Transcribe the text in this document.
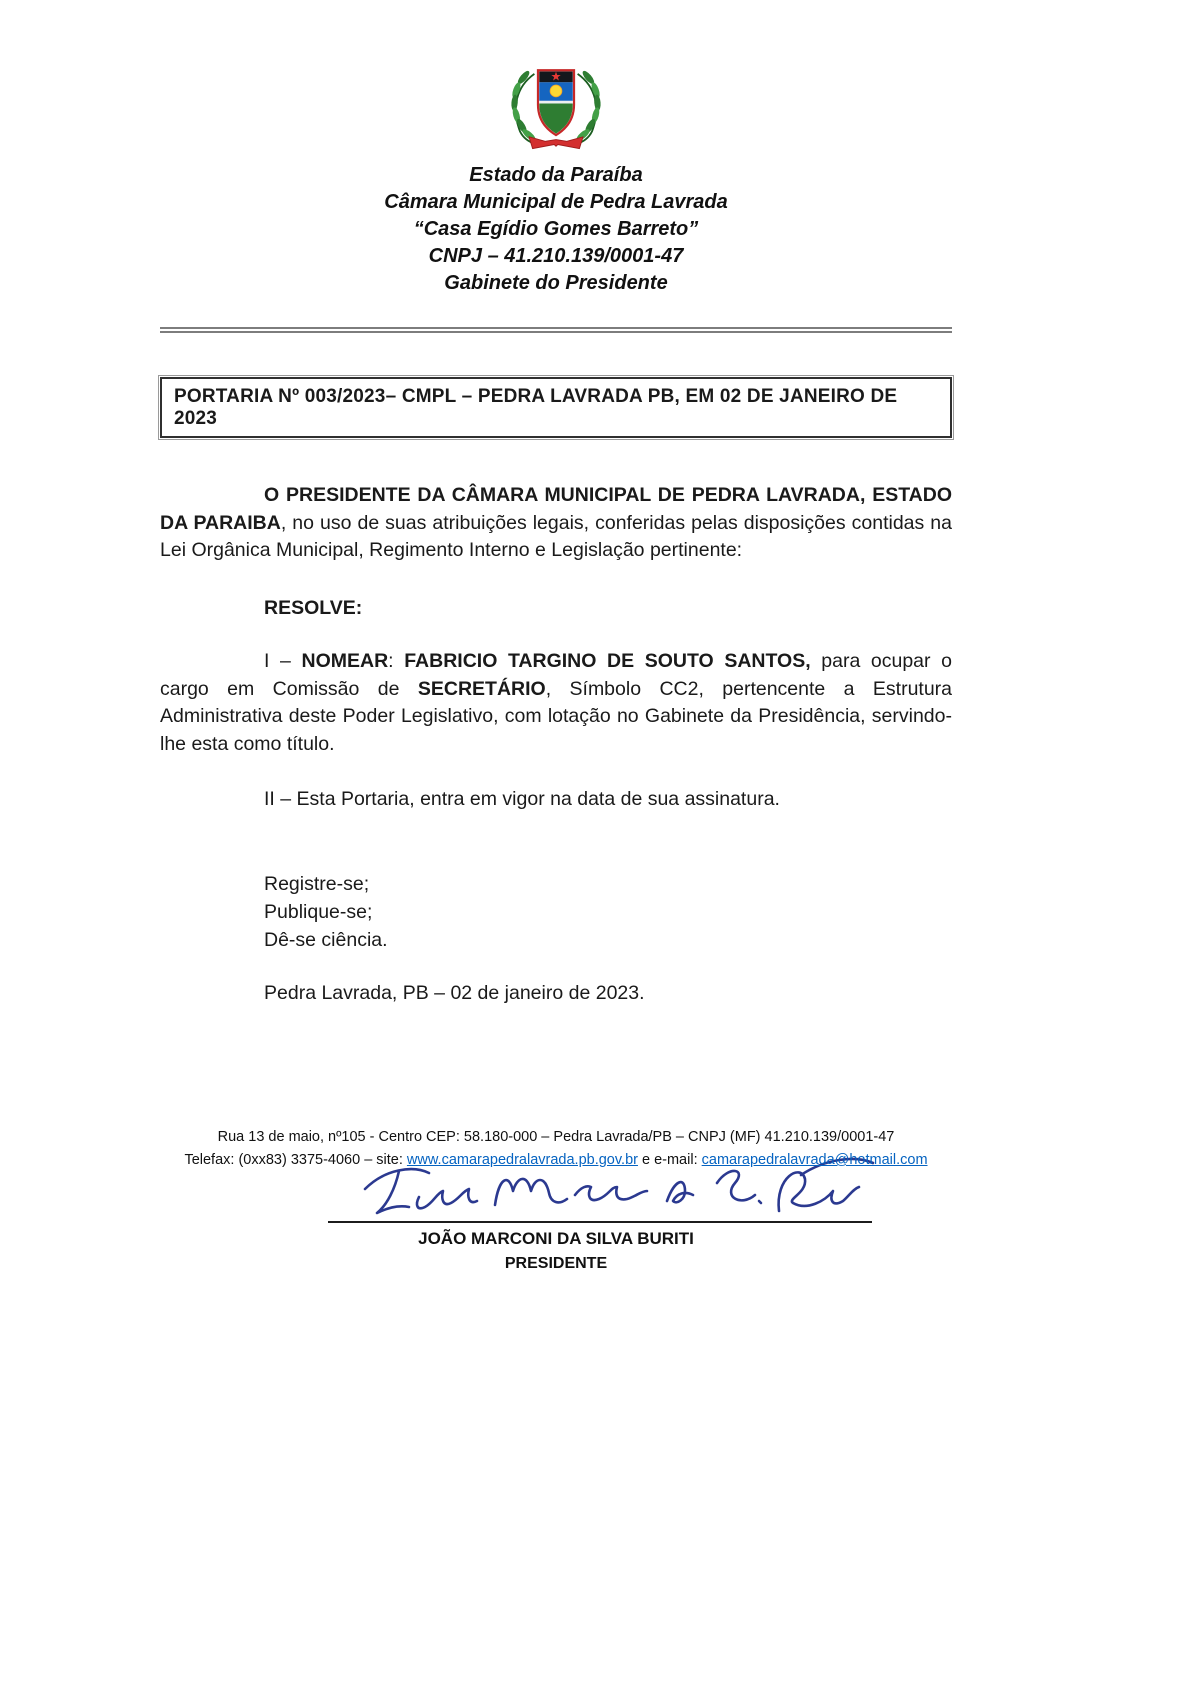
Estado da Paraíba
Câmara Municipal de Pedra Lavrada
“Casa Egídio Gomes Barreto”
CNPJ – 41.210.139/0001-47
Gabinete do Presidente
PORTARIA Nº 003/2023– CMPL – PEDRA LAVRADA PB, EM 02 DE JANEIRO DE 2023

O PRESIDENTE DA CÂMARA MUNICIPAL DE PEDRA LAVRADA, ESTADO DA PARAIBA, no uso de suas atribuições legais, conferidas pelas disposições contidas na Lei Orgânica Municipal, Regimento Interno e Legislação pertinente:

RESOLVE:

I – NOMEAR: FABRICIO TARGINO DE SOUTO SANTOS, para ocupar o cargo em Comissão de SECRETÁRIO, Símbolo CC2, pertencente a Estrutura Administrativa deste Poder Legislativo, com lotação no Gabinete da Presidência, servindo-lhe esta como título.

II – Esta Portaria, entra em vigor na data de sua assinatura.

Registre-se;
Publique-se;
Dê-se ciência.

Pedra Lavrada, PB – 02 de janeiro de 2023.

JOÃO MARCONI DA SILVA BURITI
PRESIDENTE
Rua 13 de maio, nº105 - Centro CEP: 58.180-000 – Pedra Lavrada/PB – CNPJ (MF) 41.210.139/0001-47
Telefax: (0xx83) 3375-4060 – site: www.camarapedralavrada.pb.gov.br e e-mail: camarapedralavrada@hotmail.com
